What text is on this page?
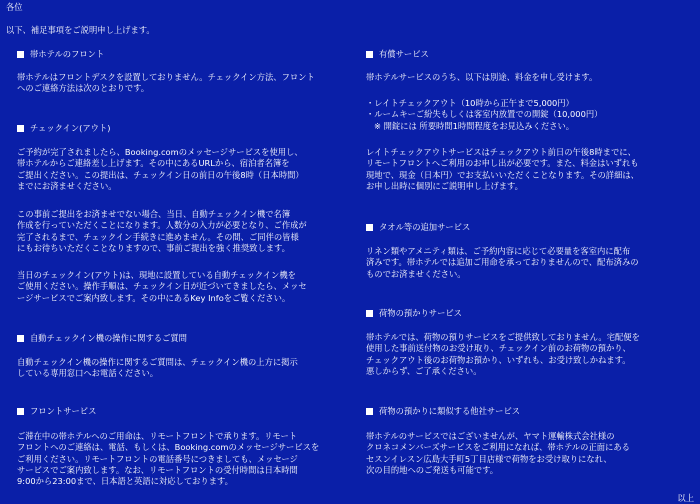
各位
以下、補足事項をご説明申し上げます。
帯ホテルのフロント
帯ホテルはフロントデスクを設置しておりません。チェックイン方法、フロント
へのご連絡方法は次のとおりです。
チェックイン(アウト)
ご予約が完了されましたら、Booking.comのメッセージサービスを使用し、
帯ホテルからご連絡差し上げます。その中にあるURLから、宿泊者名簿を
ご提出ください。この提出は、チェックイン日の前日の午後8時（日本時間）
までにお済ませください。
この事前ご提出をお済ませでない場合、当日、自動チェックイン機で名簿
作成を行っていただくことになります。人数分の入力が必要となり、ご作成が
完了されるまで、チェックイン手続きに進めません。その間、ご同伴の皆様
にもお待ちいただくことなりますので、事前ご提出を強く推奨致します。
当日のチェックイン(アウト)は、現地に設置している自動チェックイン機を
ご使用ください。操作手順は、チェックイン日が近づいてきましたら、メッセ
ージサービスでご案内致します。その中にあるKey Infoをご覧ください。
自動チェックイン機の操作に関するご質問
自動チェックイン機の操作に関するご質問は、チェックイン機の上方に掲示
している専用窓口へお電話ください。
フロントサービス
ご滞在中の帯ホテルへのご用命は、リモートフロントで承ります。リモート
フロントへのご連絡は、電話、もしくは、Booking.comのメッセージサービスを
ご利用ください。リモートフロントの電話番号につきましても、メッセージ
サービスでご案内致します。なお、リモートフロントの受付時間は日本時間
9:00から23:00まで、日本語と英語に対応しております。
有償サービス
帯ホテルサービスのうち、以下は別途、料金を申し受けます。
・レイトチェックアウト（10時から正午まで5,000円）
・ルームキーご紛失もしくは客室内放置での開錠（10,000円）
※ 開錠には 所要時間1時間程度をお見込みください。
レイトチェックアウトサービスはチェックアウト前日の午後8時までに、
リモートフロントへご利用のお申し出が必要です。また、料金はいずれも
現地で、現金（日本円）でお支払いいただくことなります。その詳細は、
お申し出時に個別にご説明申し上げます。
タオル等の追加サービス
リネン類やアメニティ類は、ご予約内容に応じて必要量を客室内に配布
済みです。帯ホテルでは追加ご用命を承っておりませんので、配布済みの
ものでお済ませください。
荷物の預かりサービス
帯ホテルでは、荷物の預りサービスをご提供致しておりません。宅配便を
使用した事前送付物のお受け取り、チェックイン前のお荷物の預かり、
チェックアウト後のお荷物お預かり、いずれも、お受け致しかねます。
悪しからず、ご了承ください。
荷物の預かりに類似する他社サービス
帯ホテルのサービスではございませんが、ヤマト運輸株式会社様の
クロネコメンバーズサービスをご利用になれば、帯ホテルの正面にある
セスンイレスン広島大手町5丁目店様で荷物をお受け取りになれ、
次の目的地へのご発送も可能です。
以上
